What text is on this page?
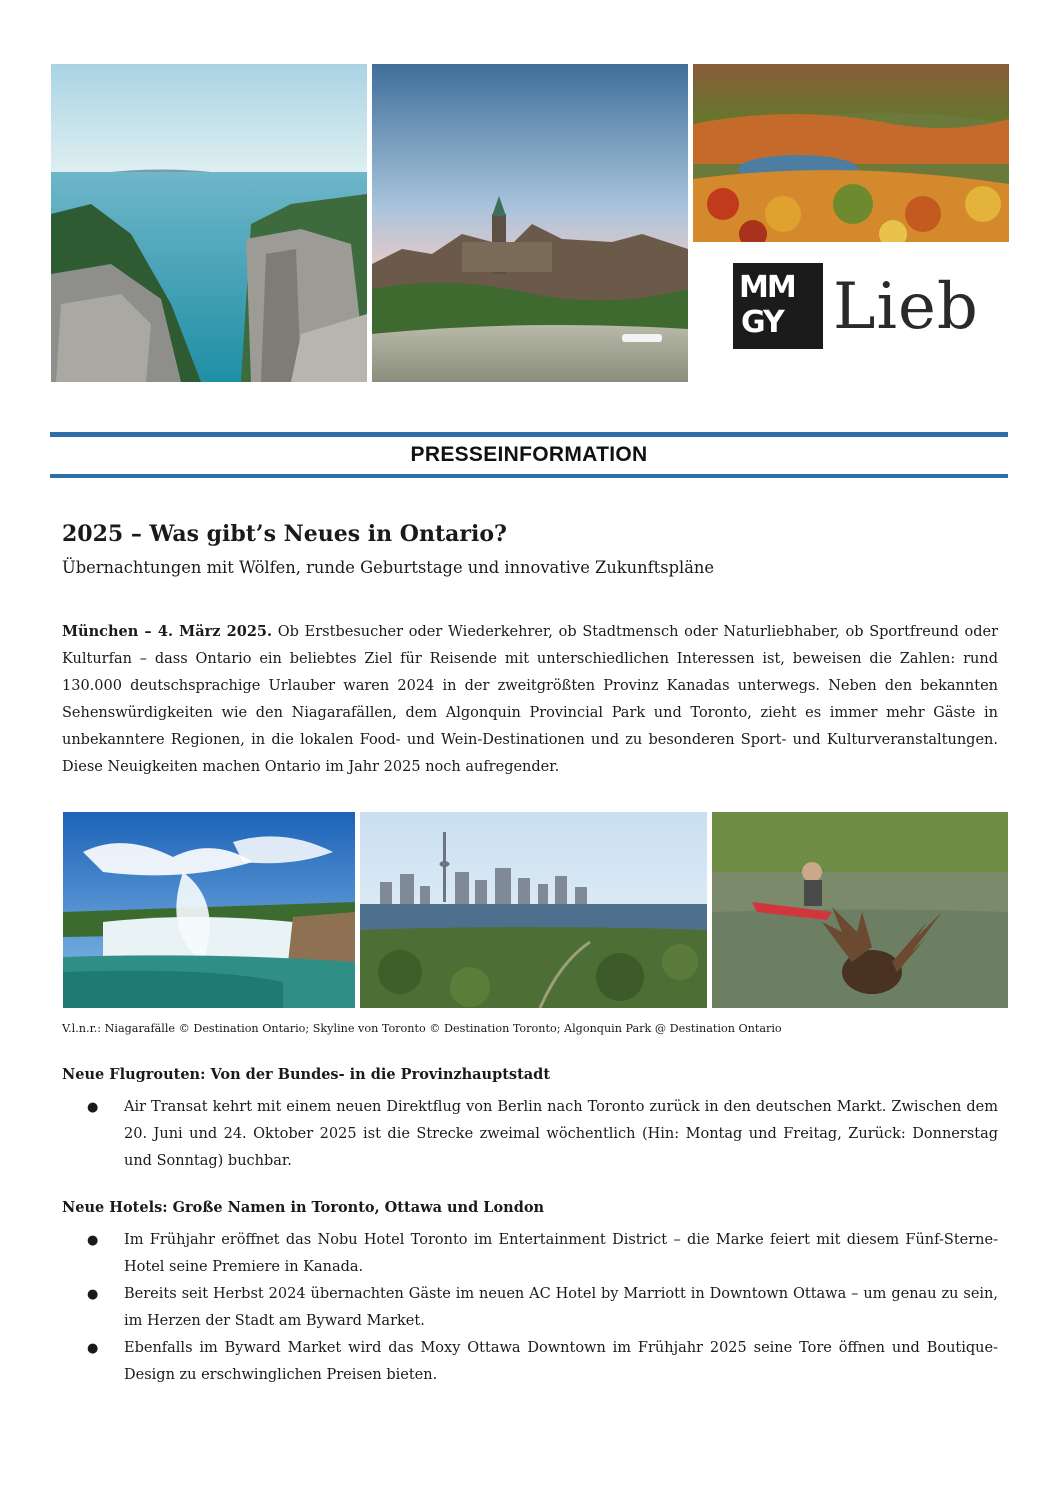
MM
GY Lieb
PRESSEINFORMATION
2025 – Was gibt’s Neues in Ontario?
Übernachtungen mit Wölfen, runde Geburtstage und innovative Zukunftspläne

München – 4. März 2025. Ob Erstbesucher oder Wiederkehrer, ob Stadtmensch oder Naturliebhaber, ob Sportfreund oder Kulturfan – dass Ontario ein beliebtes Ziel für Reisende mit unterschiedlichen Interessen ist, beweisen die Zahlen: rund 130.000 deutschsprachige Urlauber waren 2024 in der zweitgrößten Provinz Kanadas unterwegs. Neben den bekannten Sehenswürdigkeiten wie den Niagarafällen, dem Algonquin Provincial Park und Toronto, zieht es immer mehr Gäste in unbekanntere Regionen, in die lokalen Food- und Wein-Destinationen und zu besonderen Sport- und Kulturveranstaltungen. Diese Neuigkeiten machen Ontario im Jahr 2025 noch aufregender.

V.l.n.r.: Niagarafälle © Destination Ontario; Skyline von Toronto © Destination Toronto; Algonquin Park @ Destination Ontario
Neue Flugrouten: Von der Bundes- in die Provinzhauptstadt
● Air Transat kehrt mit einem neuen Direktflug von Berlin nach Toronto zurück in den deutschen Markt. Zwischen dem 20. Juni und 24. Oktober 2025 ist die Strecke zweimal wöchentlich (Hin: Montag und Freitag, Zurück: Donnerstag und Sonntag) buchbar.
Neue Hotels: Große Namen in Toronto, Ottawa und London
● Im Frühjahr eröffnet das Nobu Hotel Toronto im Entertainment District – die Marke feiert mit diesem Fünf-Sterne-Hotel seine Premiere in Kanada.
● Bereits seit Herbst 2024 übernachten Gäste im neuen AC Hotel by Marriott in Downtown Ottawa – um genau zu sein, im Herzen der Stadt am Byward Market.
● Ebenfalls im Byward Market wird das Moxy Ottawa Downtown im Frühjahr 2025 seine Tore öffnen und Boutique-Design zu erschwinglichen Preisen bieten.
